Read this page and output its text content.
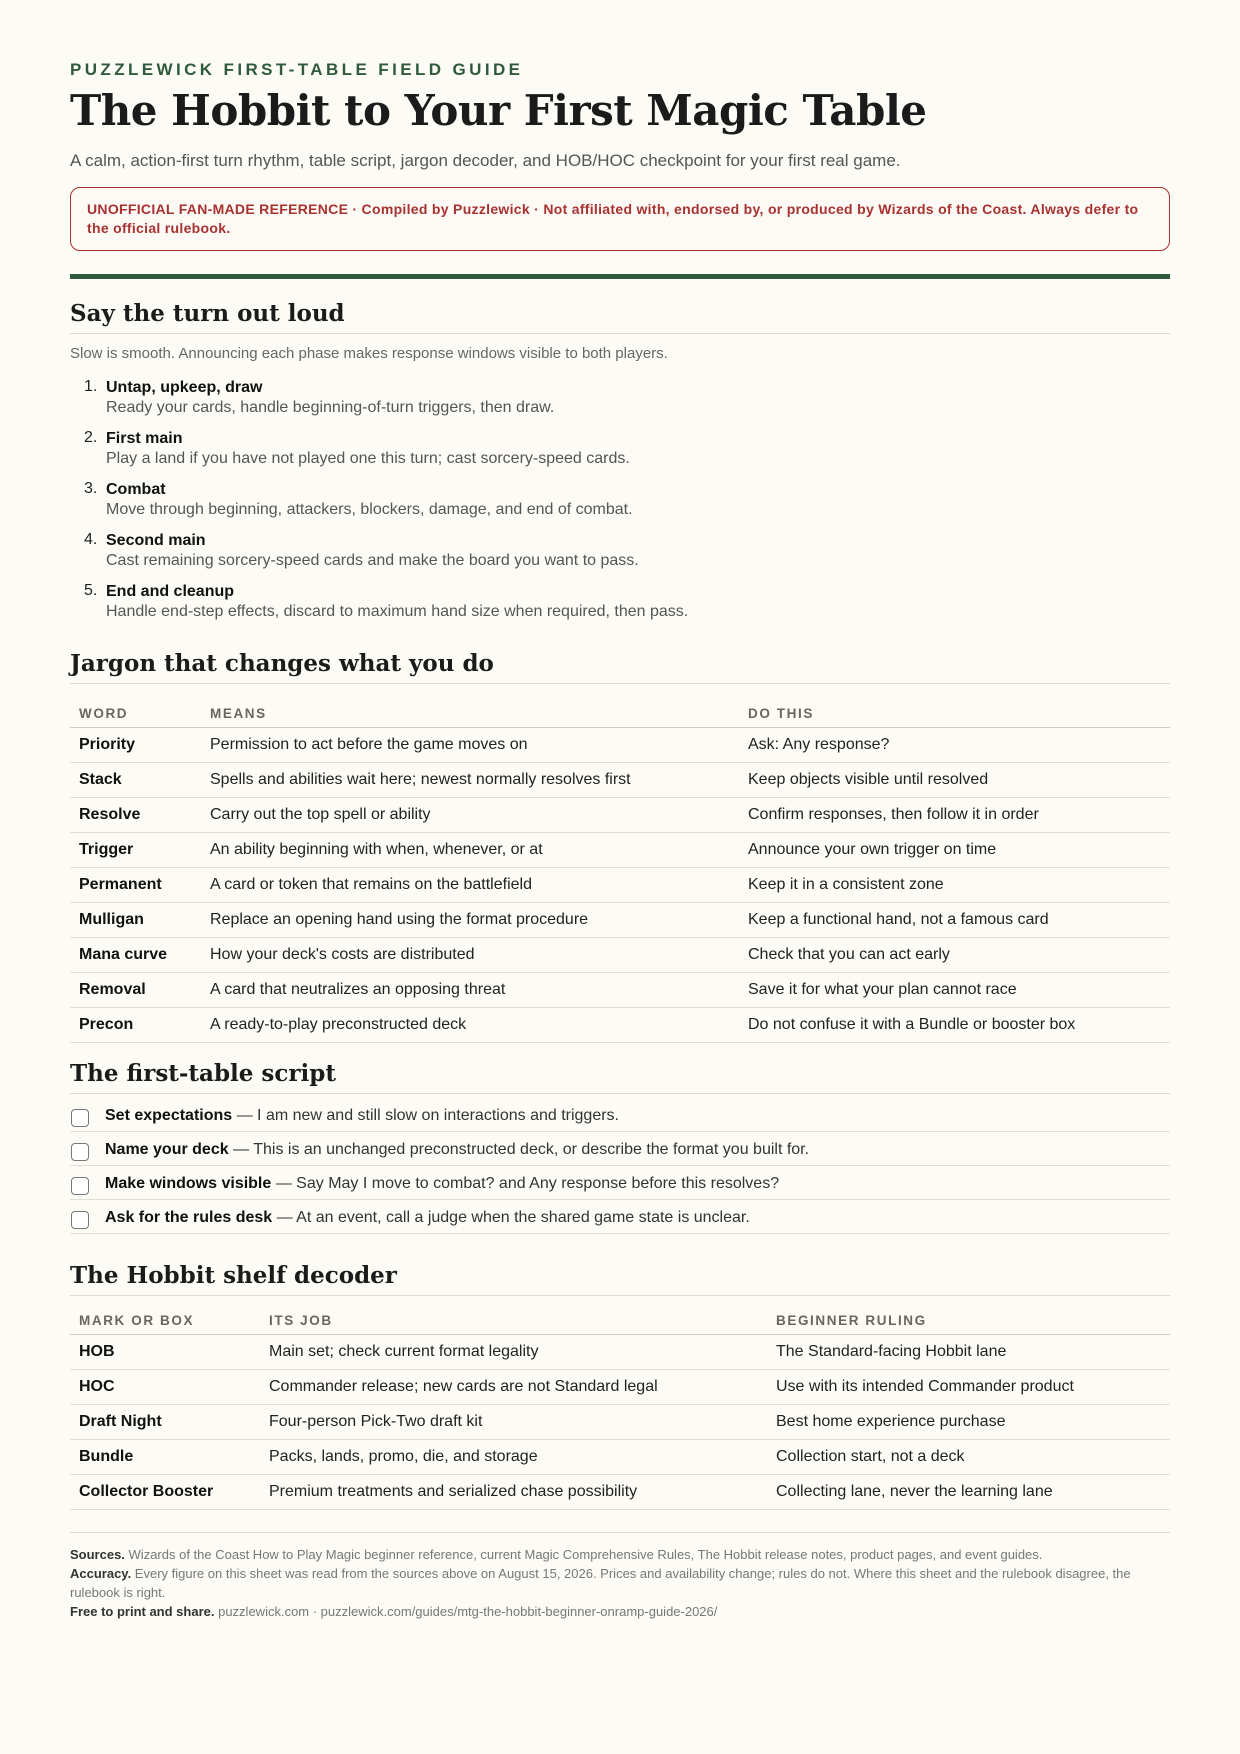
PUZZLEWICK FIRST-TABLE FIELD GUIDE
The Hobbit to Your First Magic Table
A calm, action-first turn rhythm, table script, jargon decoder, and HOB/HOC checkpoint for your first real game.
UNOFFICIAL FAN-MADE REFERENCE · Compiled by Puzzlewick · Not affiliated with, endorsed by, or produced by Wizards of the Coast. Always defer to the official rulebook.
Say the turn out loud
Slow is smooth. Announcing each phase makes response windows visible to both players.
1. Untap, upkeep, draw
Ready your cards, handle beginning-of-turn triggers, then draw.
2. First main
Play a land if you have not played one this turn; cast sorcery-speed cards.
3. Combat
Move through beginning, attackers, blockers, damage, and end of combat.
4. Second main
Cast remaining sorcery-speed cards and make the board you want to pass.
5. End and cleanup
Handle end-step effects, discard to maximum hand size when required, then pass.
Jargon that changes what you do
WORD	MEANS	DO THIS
Priority	Permission to act before the game moves on	Ask: Any response?
Stack	Spells and abilities wait here; newest normally resolves first	Keep objects visible until resolved
Resolve	Carry out the top spell or ability	Confirm responses, then follow it in order
Trigger	An ability beginning with when, whenever, or at	Announce your own trigger on time
Permanent	A card or token that remains on the battlefield	Keep it in a consistent zone
Mulligan	Replace an opening hand using the format procedure	Keep a functional hand, not a famous card
Mana curve	How your deck's costs are distributed	Check that you can act early
Removal	A card that neutralizes an opposing threat	Save it for what your plan cannot race
Precon	A ready-to-play preconstructed deck	Do not confuse it with a Bundle or booster box
The first-table script
Set expectations — I am new and still slow on interactions and triggers.
Name your deck — This is an unchanged preconstructed deck, or describe the format you built for.
Make windows visible — Say May I move to combat? and Any response before this resolves?
Ask for the rules desk — At an event, call a judge when the shared game state is unclear.
The Hobbit shelf decoder
MARK OR BOX	ITS JOB	BEGINNER RULING
HOB	Main set; check current format legality	The Standard-facing Hobbit lane
HOC	Commander release; new cards are not Standard legal	Use with its intended Commander product
Draft Night	Four-person Pick-Two draft kit	Best home experience purchase
Bundle	Packs, lands, promo, die, and storage	Collection start, not a deck
Collector Booster	Premium treatments and serialized chase possibility	Collecting lane, never the learning lane
Sources. Wizards of the Coast How to Play Magic beginner reference, current Magic Comprehensive Rules, The Hobbit release notes, product pages, and event guides.
Accuracy. Every figure on this sheet was read from the sources above on August 15, 2026. Prices and availability change; rules do not. Where this sheet and the rulebook disagree, the rulebook is right.
Free to print and share. puzzlewick.com · puzzlewick.com/guides/mtg-the-hobbit-beginner-onramp-guide-2026/
